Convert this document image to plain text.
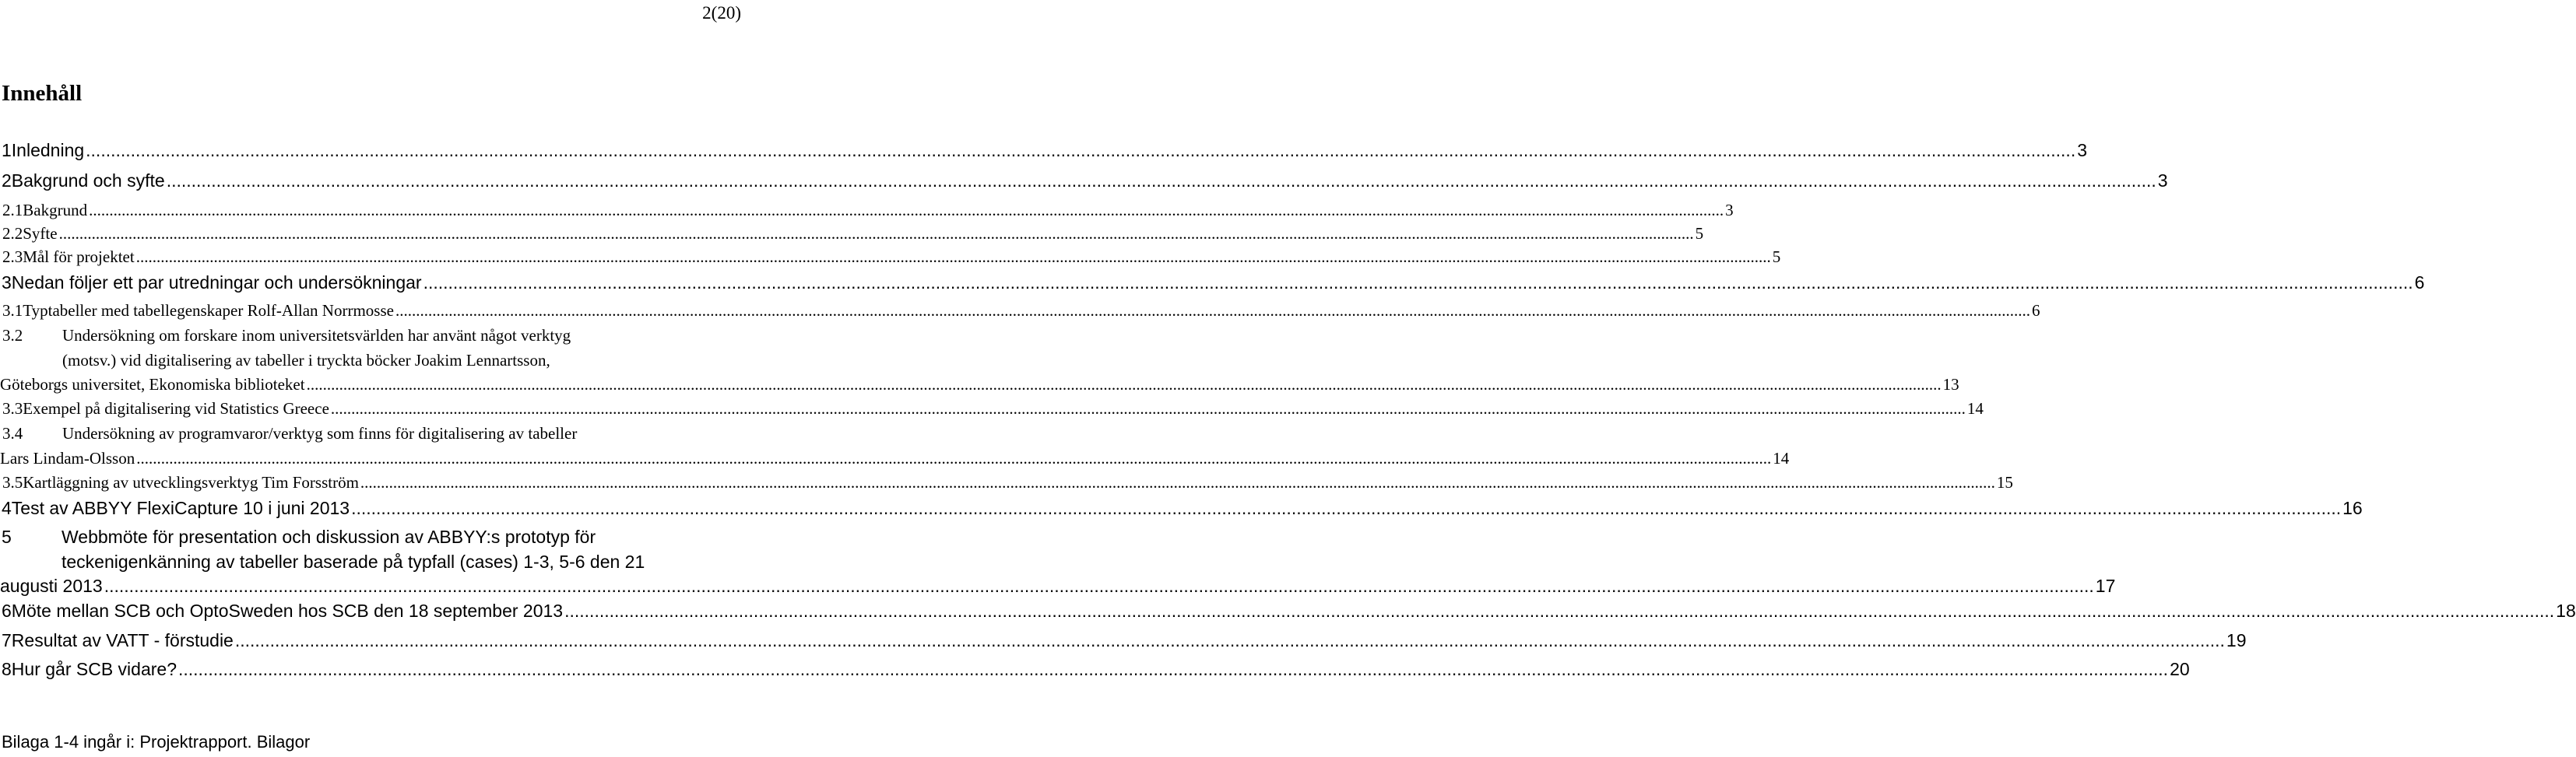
2(20)
Innehåll
1 Inledning ................................................................................................................................................................................................................................................................................................................................................................................................................ 3
2 Bakgrund och syfte ................................................................................................................................................................................................................................................................................................................................................................................................................ 3
2.1 Bakgrund ................................................................................................................................................................................................................................................................................................................................................................................................................ 3
2.2 Syfte ................................................................................................................................................................................................................................................................................................................................................................................................................ 5
2.3 Mål för projektet ................................................................................................................................................................................................................................................................................................................................................................................................................ 5
3 Nedan följer ett par utredningar och undersökningar ................................................................................................................................................................................................................................................................................................................................................................................................................ 6
3.1 Typtabeller med tabellegenskaper Rolf-Allan Norrmosse ................................................................................................................................................................................................................................................................................................................................................................................................................ 6
3.2	Undersökning om forskare inom universitetsvärlden har använt något verktyg
(motsv.) vid digitalisering av tabeller i tryckta böcker Joakim Lennartsson,
Göteborgs universitet, Ekonomiska biblioteket ................................................................................................................................................................................................................................................................................................................................................................................................................ 13
3.3 Exempel på digitalisering vid Statistics Greece ................................................................................................................................................................................................................................................................................................................................................................................................................ 14
3.4	Undersökning av programvaror/verktyg som finns för digitalisering av tabeller
Lars Lindam-Olsson ................................................................................................................................................................................................................................................................................................................................................................................................................ 14
3.5 Kartläggning av utvecklingsverktyg Tim Forsström ................................................................................................................................................................................................................................................................................................................................................................................................................ 15
4 Test av ABBYY FlexiCapture 10 i juni 2013 ................................................................................................................................................................................................................................................................................................................................................................................................................ 16
5	Webbmöte för presentation och diskussion av ABBYY:s prototyp för
teckenigenkänning av tabeller baserade på typfall (cases) 1-3, 5-6 den 21
augusti 2013 ................................................................................................................................................................................................................................................................................................................................................................................................................ 17
6 Möte mellan SCB och OptoSweden hos SCB den 18 september 2013 ................................................................................................................................................................................................................................................................................................................................................................................................................ 18
7 Resultat av VATT - förstudie ................................................................................................................................................................................................................................................................................................................................................................................................................ 19
8 Hur går SCB vidare? ................................................................................................................................................................................................................................................................................................................................................................................................................ 20
Bilaga 1-4 ingår i: Projektrapport. Bilagor
